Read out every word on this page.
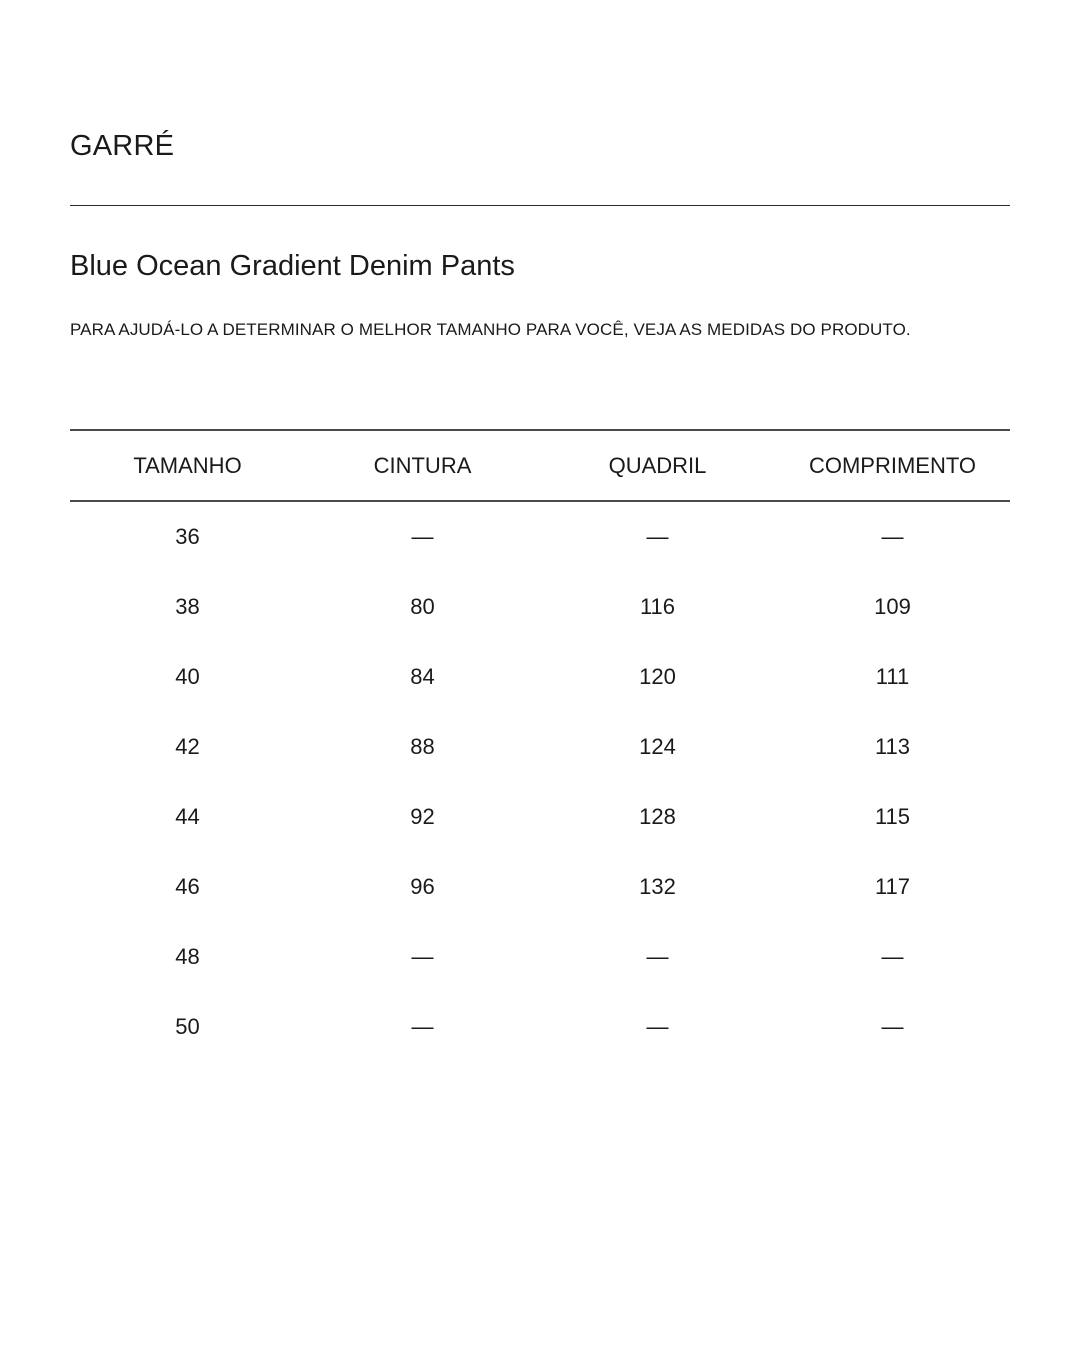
GARRÉ
Blue Ocean Gradient Denim Pants
PARA AJUDÁ-LO A DETERMINAR O MELHOR TAMANHO PARA VOCÊ, VEJA AS MEDIDAS DO PRODUTO.
TAMANHO	CINTURA	QUADRIL	COMPRIMENTO
36	—	—	—
38	80	116	109
40	84	120	111
42	88	124	113
44	92	128	115
46	96	132	117
48	—	—	—
50	—	—	—
